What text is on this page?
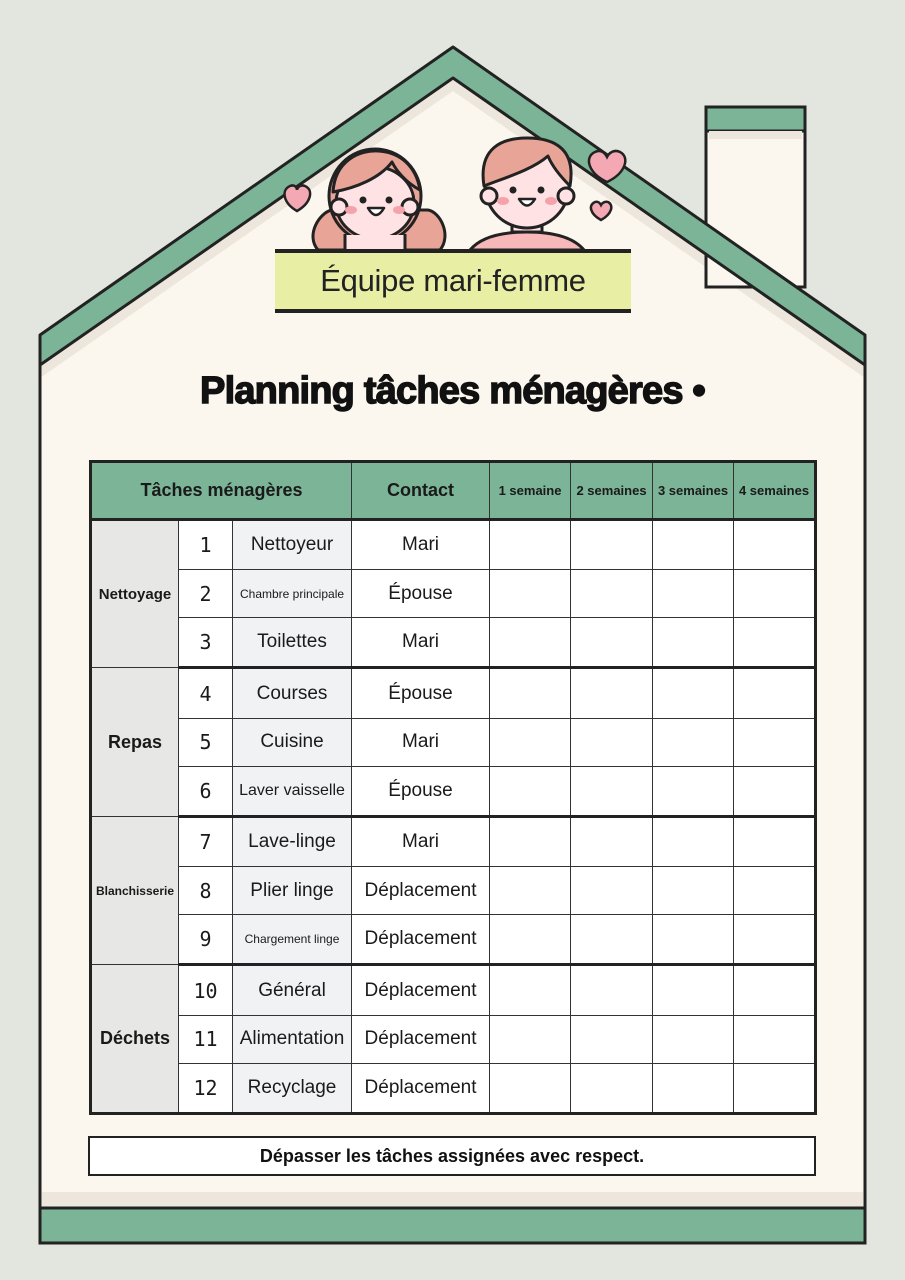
Équipe mari-femme
Planning tâches ménagères •
Tâches ménagères			Contact	1 semaine	2 semaines	3 semaines	4 semaines
Nettoyage	1	Nettoyeur	Mari				
	2	Chambre principale	Épouse				
	3	Toilettes	Mari				
Repas	4	Courses	Épouse				
	5	Cuisine	Mari				
	6	Laver vaisselle	Épouse				
Blanchisserie	7	Lave-linge	Mari				
	8	Plier linge	Déplacement				
	9	Chargement linge	Déplacement				
Déchets	10	Général	Déplacement				
	11	Alimentation	Déplacement				
	12	Recyclage	Déplacement				
Dépasser les tâches assignées avec respect.
